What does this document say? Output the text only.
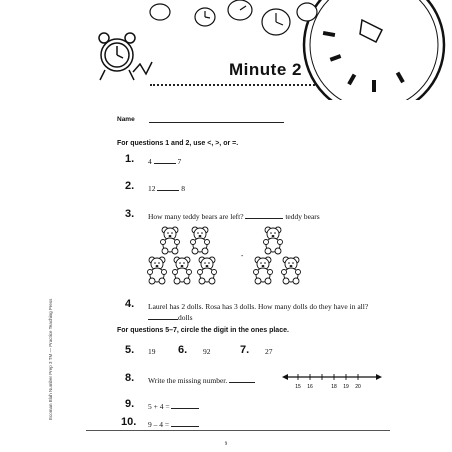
Minute 2
Name
For questions 1 and 2, use <, >, or =.
1. 4	7
2. 12	8
3. How many teddy bears are left?	teddy bears
-
4. Laurel has 2 dolls. Rosa has 3 dolls. How many dolls do they have in all? dolls
For questions 5–7, circle the digit in the ones place.
5. 19 6. 92	7. 27
8. Write the missing number.
15 16	18 19 20
9. 5 + 4 =
10. 9 – 4 =
9
Ecoman Blah Number Prep 3 TM — Practice Teaching Press
